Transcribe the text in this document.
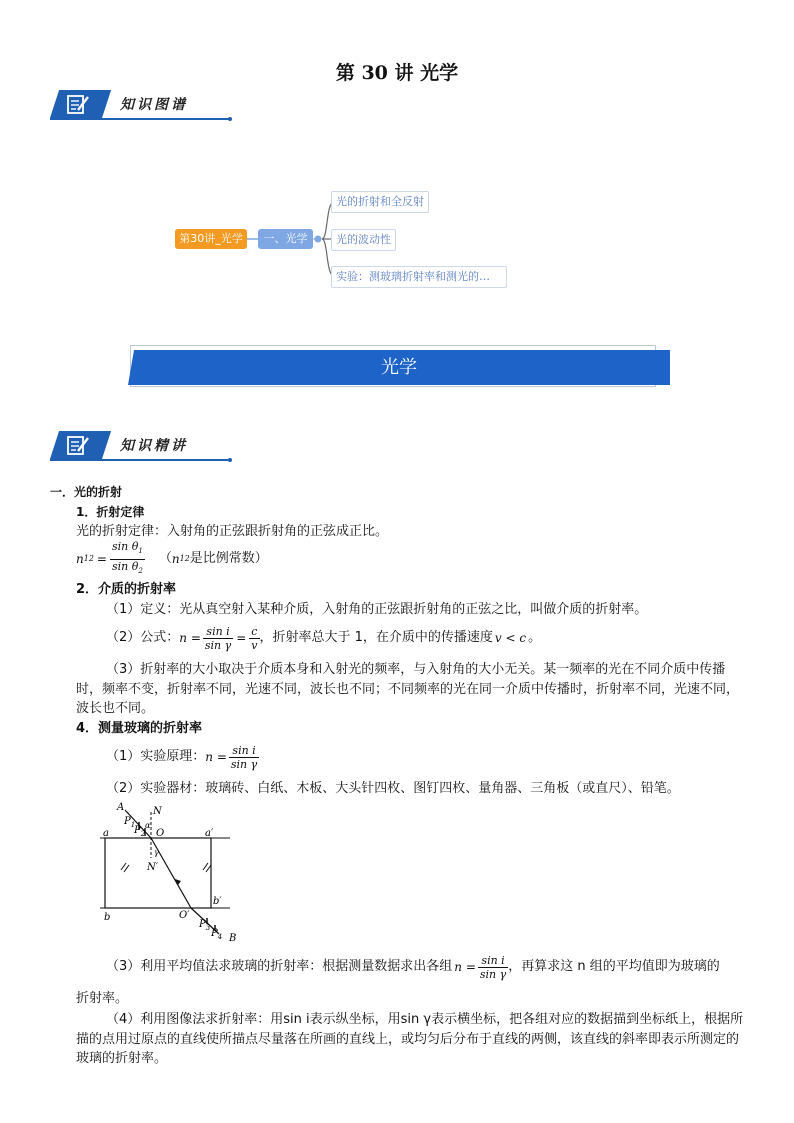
第 30 讲 光学
知识图谱
第30讲_光学	一、光学
光的折射和全反射
光的波动性
实验：测玻璃折射率和测光的…
光学
知识精讲
一．光的折射
1．折射定律
光的折射定律：入射角的正弦跟折射角的正弦成正比。
n $12 = \frac{\sin \theta_1}{\sin \theta_2}$ （ n 12 是比例常数）
2．介质的折射率
（1）定义：光从真空射入某种介质，入射角的正弦跟折射角的正弦之比，叫做介质的折射率。
（2）公式： $n = \frac{\text{sin i}}{\text{sin γ}} = \frac{c}{v}$ ，折射率总大于 1，在介质中的传播速度 v < c 。
（3）折射率的大小取决于介质本身和入射光的频率，与入射角的大小无关。某一频率的光在不同介质中传播时，频率不变，折射率不同，光速不同，波长也不同；不同频率的光在同一介质中传播时，折射率不同，光速不同，波长也不同。
4．测量玻璃的折射率
（1）实验原理： $n = \frac{\text{sin i}}{\text{sin γ}}$
（2）实验器材：玻璃砖、白纸、木板、大头针四枚、图钉四枚、量角器、三角板（或直尺）、铅笔。
A	N
$P_1$
$P_2$
α
O
a	a′
γ
N′
b
b′
O′
$P_3$ $P_4$ B
（3）利用平均值法求玻璃的折射率：根据测量数据求出各组 $n = \frac{\text{sin i}}{\text{sin γ}}$ ，再算求这 n 组的平均值即为玻璃的
折射率。
（4）利用图像法求折射率：用sin i表示纵坐标，用sin γ表示横坐标，把各组对应的数据描到坐标纸上，根据所描的点用过原点的直线使所描点尽量落在所画的直线上，或均匀后分布于直线的两侧，该直线的斜率即表示所测定的玻璃的折射率。
